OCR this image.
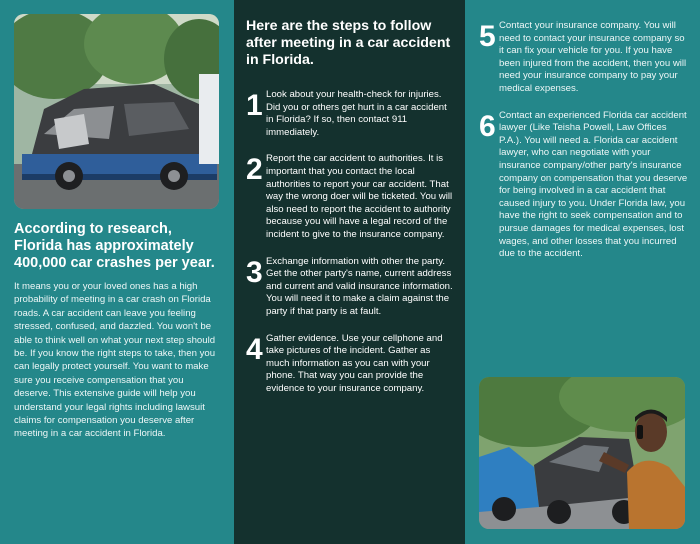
According to research, Florida has approximately 400,000 car crashes per year.
It means you or your loved ones has a high probability of meeting in a car crash on Florida roads. A car accident can leave you feeling stressed, confused, and dazzled. You won't be able to think well on what your next step should be. If you know the right steps to take, then you can legally protect yourself. You want to make sure you receive compensation that you deserve. This extensive guide will help you understand your legal rights including lawsuit claims for compensation you deserve after meeting in a car accident in Florida.
Here are the steps to follow after meeting in a car accident in Florida.
1 Look about your health-check for injuries. Did you or others get hurt in a car accident in Florida? If so, then contact 911 immediately.
2 Report the car accident to authorities. It is important that you contact the local authorities to report your car accident. That way the wrong doer will be ticketed. You will also need to report the accident to authority because you will have a legal record of the incident to give to the insurance company.
3 Exchange information with other the party. Get the other party's name, current address and current and valid insurance information. You will need it to make a claim against the party if that party is at fault.
4 Gather evidence. Use your cellphone and take pictures of the incident. Gather as much information as you can with your phone. That way you can provide the evidence to your insurance company.
5 Contact your insurance company. You will need to contact your insurance company so it can fix your vehicle for you. If you have been injured from the accident, then you will need your insurance company to pay your medical expenses.
6 Contact an experienced Florida car accident lawyer (Like Teisha Powell, Law Offices P.A.). You will need a. Florida car accident lawyer, who can negotiate with your insurance company/other party's insurance company on compensation that you deserve for being involved in a car accident that caused injury to you. Under Florida law, you have the right to seek compensation and to pursue damages for medical expenses, lost wages, and other losses that you incurred due to the accident.
